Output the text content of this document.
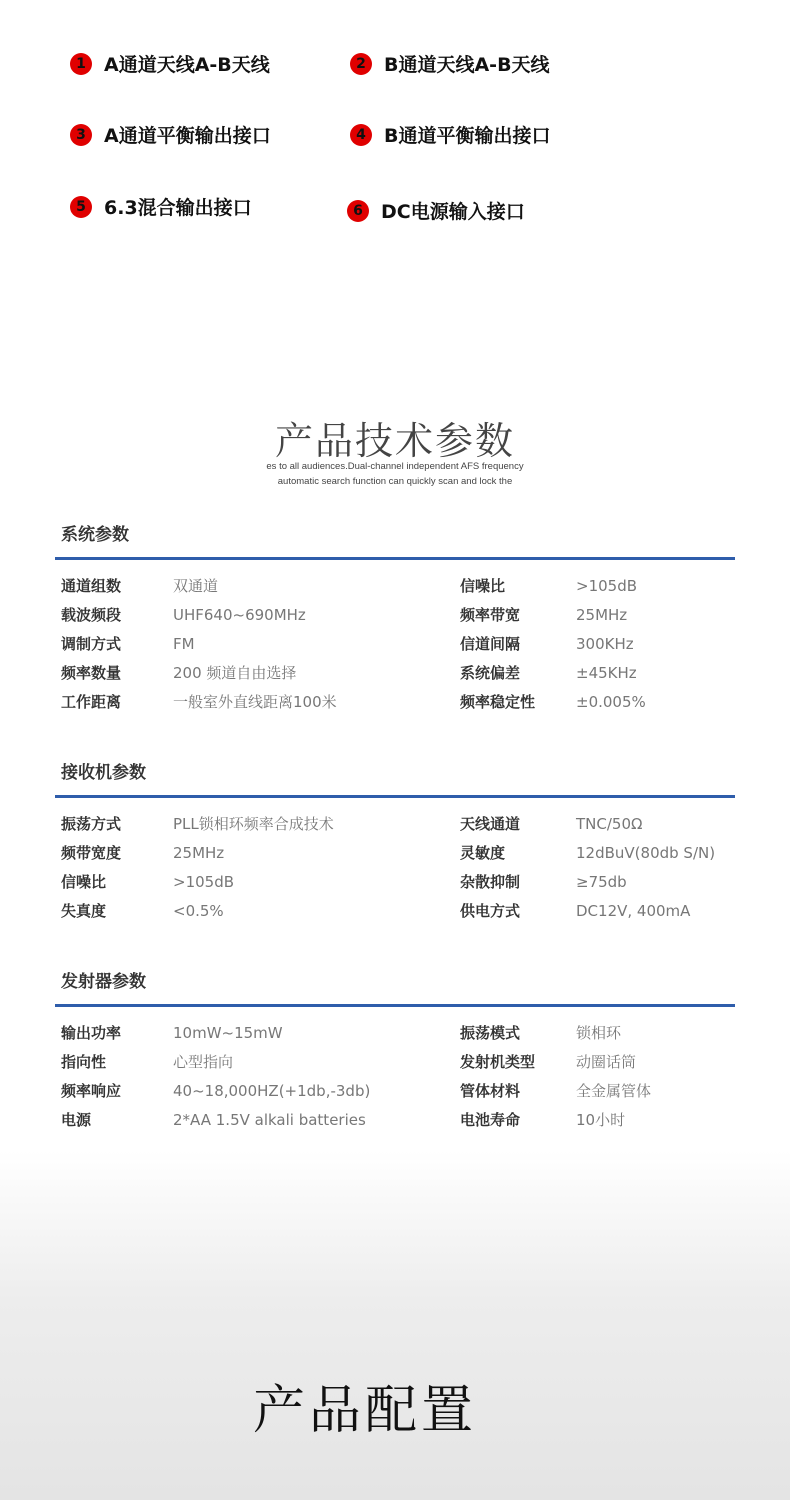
1 A通道天线A-B天线	2 B通道天线A-B天线
3 A通道平衡输出接口	4 B通道平衡输出接口
5 6.3混合输出接口	6 DC电源输入接口
产品技术参数
es to all audiences.Dual-channel independent AFS frequency
automatic search function can quickly scan and lock the
系统参数
通道组数	双通道	信噪比	>105dB
载波频段	UHF640~690MHz	频率带宽	25MHz
调制方式	FM	信道间隔	300KHz
频率数量	200 频道自由选择	系统偏差	±45KHz
工作距离	一般室外直线距离100米	频率稳定性	±0.005%
接收机参数
振荡方式	PLL锁相环频率合成技术	天线通道	TNC/50Ω
频带宽度	25MHz	灵敏度	12dBuV(80db S/N)
信噪比	>105dB	杂散抑制	≥75db
失真度	<0.5%	供电方式	DC12V, 400mA
发射器参数
输出功率	10mW~15mW	振荡模式	锁相环
指向性	心型指向	发射机类型	动圈话筒
频率响应	40~18,000HZ(+1db,-3db)	管体材料	全金属管体
电源	2*AA 1.5V alkali batteries	电池寿命	10小时
产品配置
